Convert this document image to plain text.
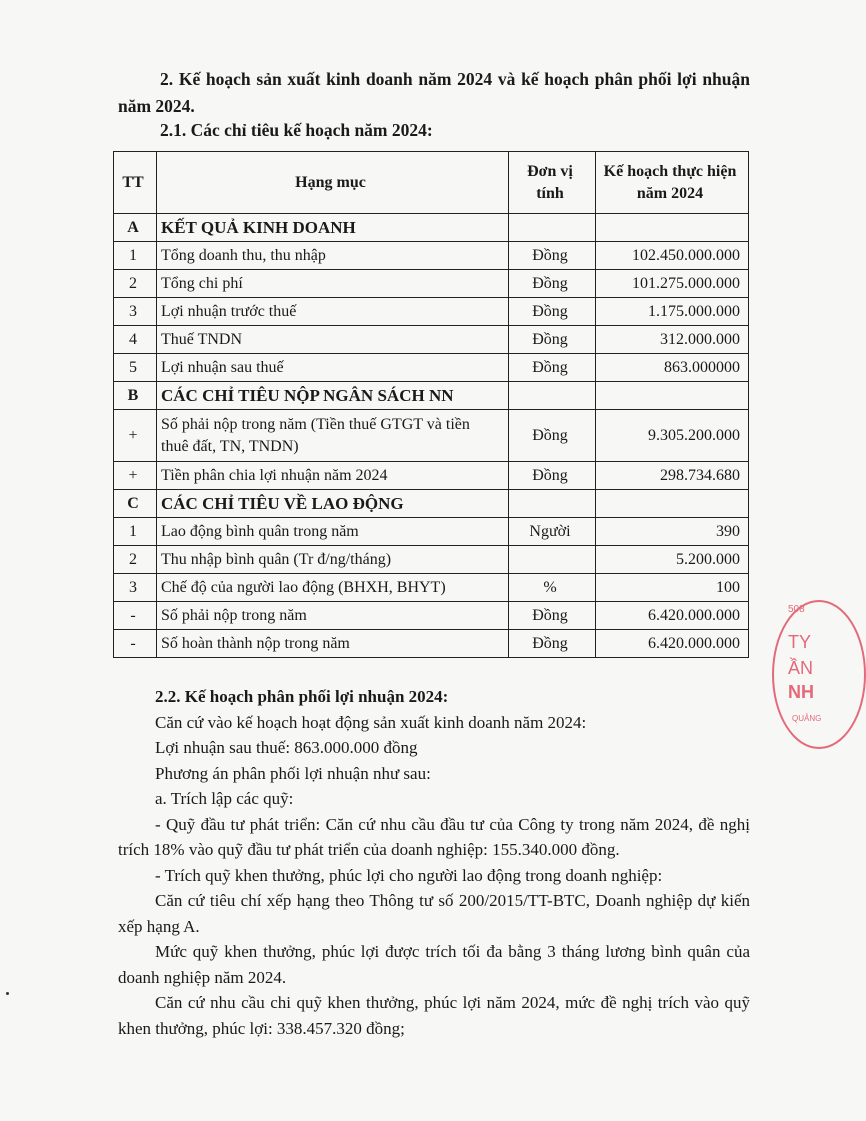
2. Kế hoạch sản xuất kinh doanh năm 2024 và kế hoạch phân phối lợi nhuận năm 2024.

2.1. Các chỉ tiêu kế hoạch năm 2024:

TT	Hạng mục	Đơn vị tính	Kế hoạch thực hiện năm 2024
A	KẾT QUẢ KINH DOANH		
1	Tổng doanh thu, thu nhập	Đồng	102.450.000.000
2	Tổng chi phí	Đồng	101.275.000.000
3	Lợi nhuận trước thuế	Đồng	1.175.000.000
4	Thuế TNDN	Đồng	312.000.000
5	Lợi nhuận sau thuế	Đồng	863.000000
B	CÁC CHỈ TIÊU NỘP NGÂN SÁCH NN		
+	Số phải nộp trong năm (Tiền thuế GTGT và tiền thuê đất, TN, TNDN)	Đồng	9.305.200.000
+	Tiền phân chia lợi nhuận năm 2024	Đồng	298.734.680
C	CÁC CHỈ TIÊU VỀ LAO ĐỘNG		
1	Lao động bình quân trong năm	Người	390
2	Thu nhập bình quân (Tr đ/ng/tháng)		5.200.000
3	Chế độ của người lao động (BHXH, BHYT)	%	100
-	Số phải nộp trong năm	Đồng	6.420.000.000
-	Số hoàn thành nộp trong năm	Đồng	6.420.000.000

2.2. Kế hoạch phân phối lợi nhuận 2024:

Căn cứ vào kế hoạch hoạt động sản xuất kinh doanh năm 2024:

Lợi nhuận sau thuế: 863.000.000 đồng

Phương án phân phối lợi nhuận như sau:

a. Trích lập các quỹ:

- Quỹ đầu tư phát triển: Căn cứ nhu cầu đầu tư của Công ty trong năm 2024, đề nghị trích 18% vào quỹ đầu tư phát triển của doanh nghiệp: 155.340.000 đồng.

- Trích quỹ khen thưởng, phúc lợi cho người lao động trong doanh nghiệp:

Căn cứ tiêu chí xếp hạng theo Thông tư số 200/2015/TT-BTC, Doanh nghiệp dự kiến xếp hạng A.

Mức quỹ khen thưởng, phúc lợi được trích tối đa bằng 3 tháng lương bình quân của doanh nghiệp năm 2024.

Căn cứ nhu cầu chi quỹ khen thưởng, phúc lợi năm 2024, mức đề nghị trích vào quỹ khen thưởng, phúc lợi: 338.457.320 đồng;

508
TY
ẦN
NH
QUẢNG
